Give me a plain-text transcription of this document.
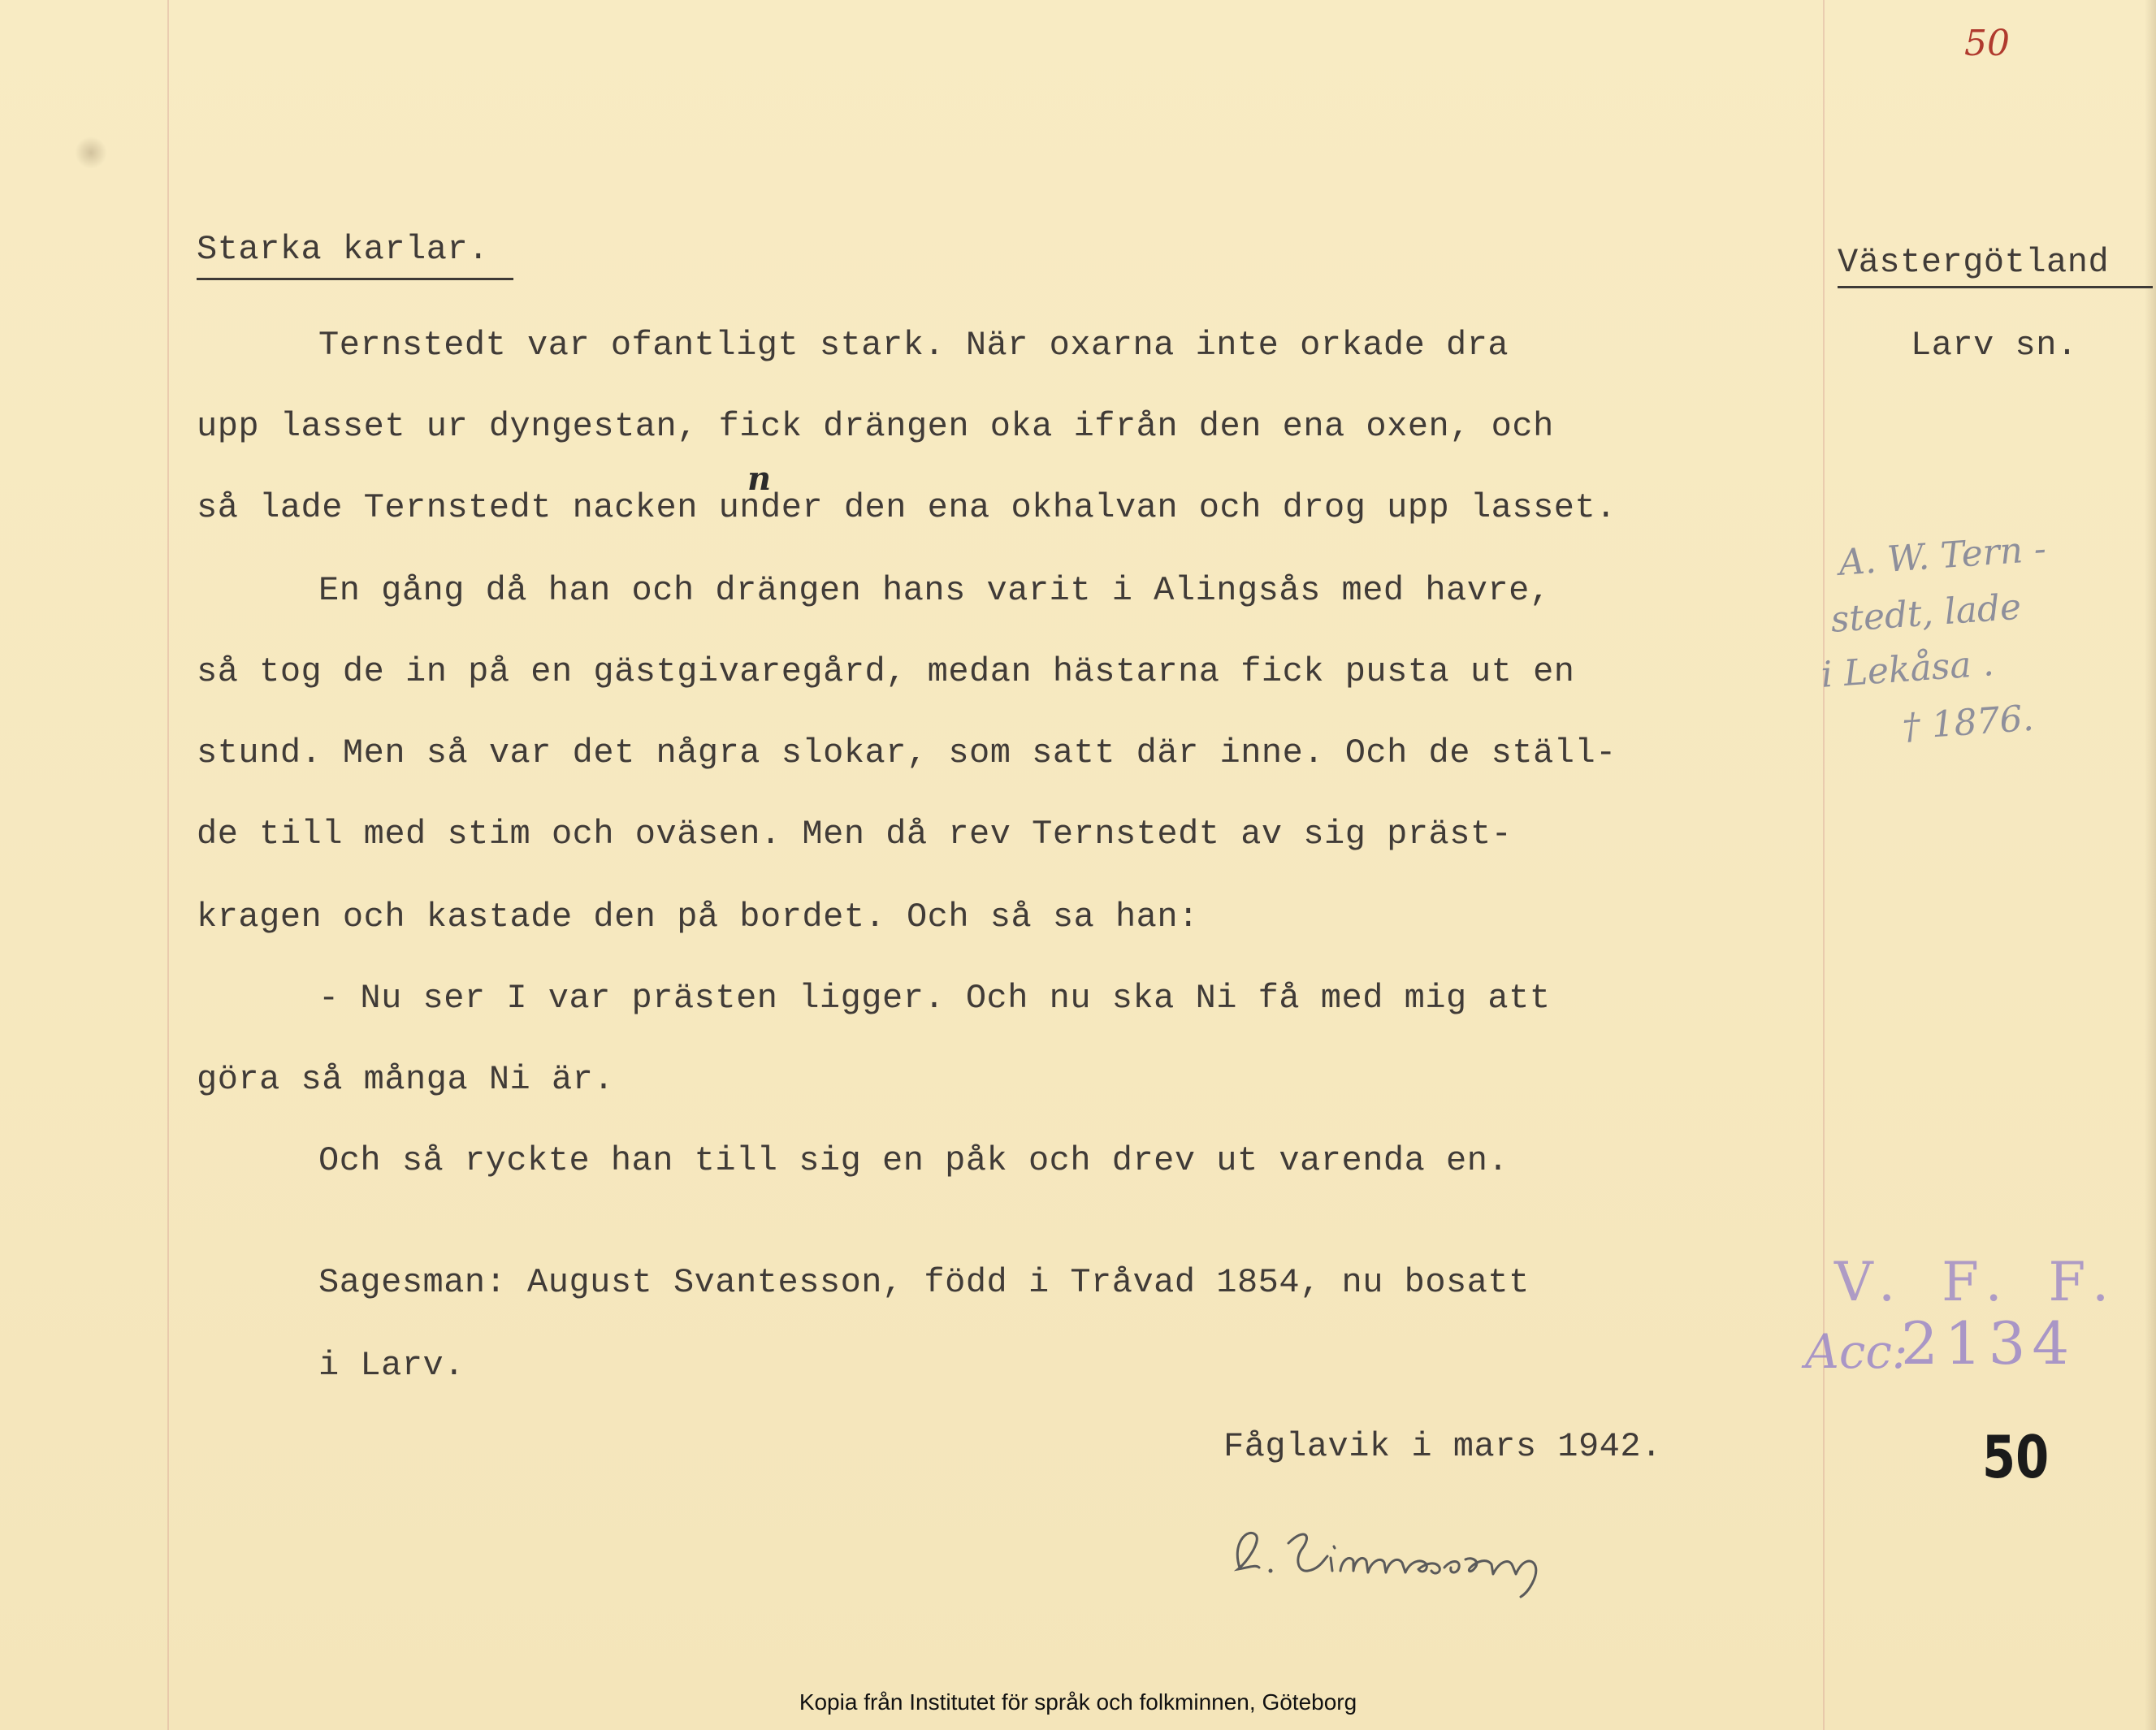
50
Starka karlar.	Västergötland
Larv sn.
Ternstedt var ofantligt stark. När oxarna inte orkade dra
upp lasset ur dyngestan, fick drängen oka ifrån den ena oxen, och
så lade Ternstedt nacken under den ena okhalvan och drog upp lasset.
n
En gång då han och drängen hans varit i Alingsås med havre,
så tog de in på en gästgivaregård, medan hästarna fick pusta ut en
stund. Men så var det några slokar, som satt där inne. Och de ställ-
de till med stim och oväsen. Men då rev Ternstedt av sig präst-
kragen och kastade den på bordet. Och så sa han:
- Nu ser I var prästen ligger. Och nu ska Ni få med mig att
göra så många Ni är.
Och så ryckte han till sig en påk och drev ut varenda en.
Sagesman: August Svantesson, född i Tråvad 1854, nu bosatt
i Larv.
Fåglavik i mars 1942.
A. W. Tern -
stedt, lade
i Lekåsa .
† 1876.
V. F. F.
Acc:
2134
50
Kopia från Institutet för språk och folkminnen, Göteborg
